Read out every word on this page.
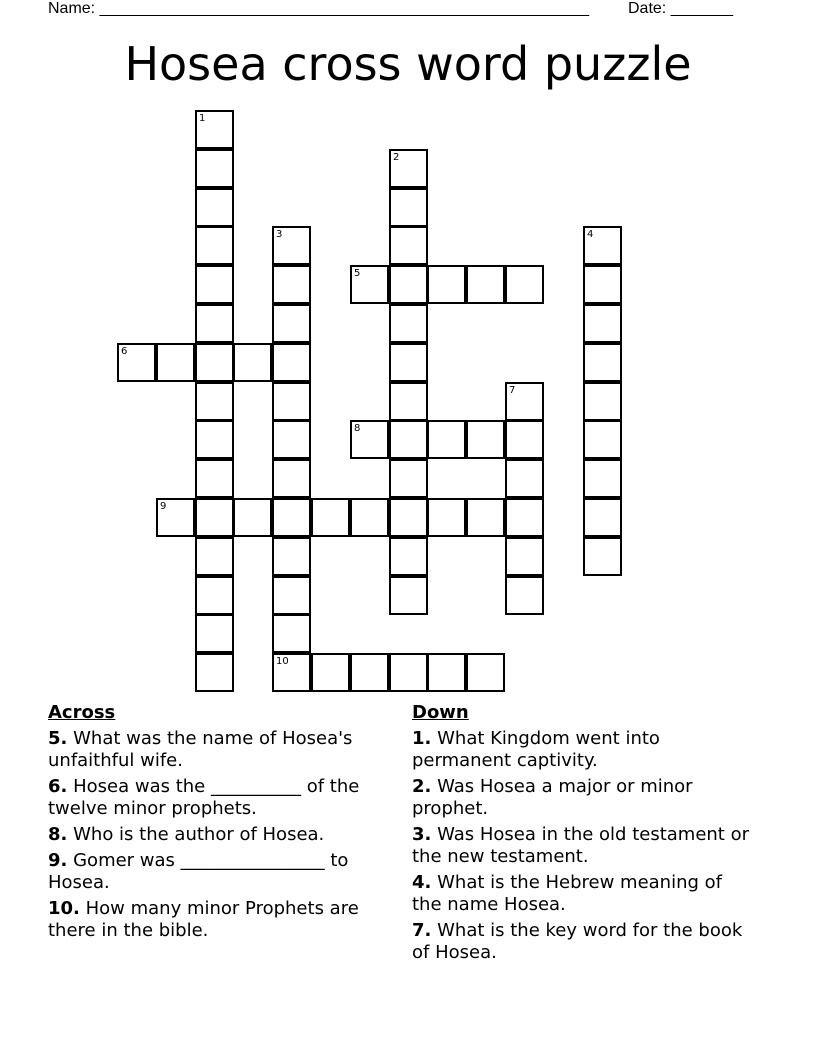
Name: _______________________________________________________ Date: _______
Hosea cross word puzzle
1
2
3
10
4
5
6
7
8
9
Across
5. What was the name of Hosea's unfaithful wife.
6. Hosea was the __________ of the twelve minor prophets.
8. Who is the author of Hosea.
9. Gomer was ________________ to Hosea.
10. How many minor Prophets are there in the bible.
Down
1. What Kingdom went into permanent captivity.
2. Was Hosea a major or minor prophet.
3. Was Hosea in the old testament or the new testament.
4. What is the Hebrew meaning of the name Hosea.
7. What is the key word for the book of Hosea.
